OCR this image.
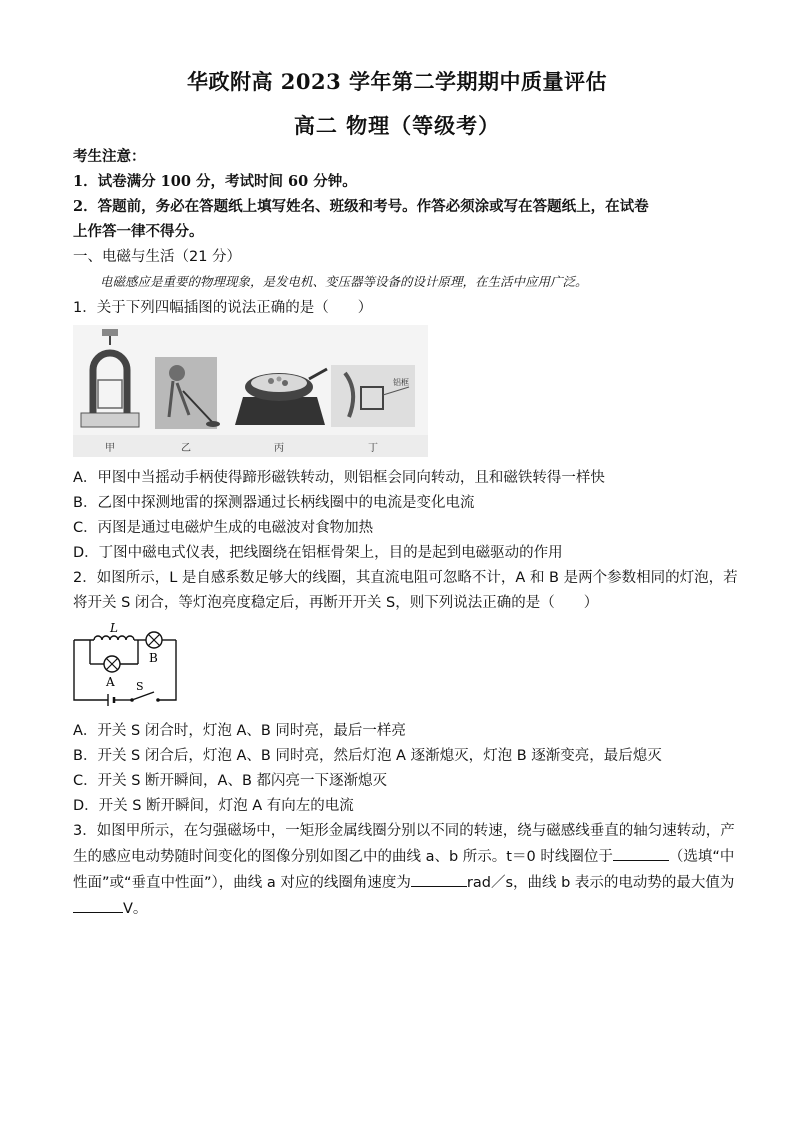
华政附高 2023 学年第二学期期中质量评估
高二 物理（等级考）
考生注意：
1．试卷满分 100 分，考试时间 60 分钟。
2．答题前，务必在答题纸上填写姓名、班级和考号。作答必须涂或写在答题纸上，在试卷
上作答一律不得分。
一、电磁与生活（21 分）
电磁感应是重要的物理现象，是发电机、变压器等设备的设计原理，在生活中应用广泛。
1．关于下列四幅插图的说法正确的是（　　）
铝框
甲	乙	丙	丁
A．甲图中当摇动手柄使得蹄形磁铁转动，则铝框会同向转动，且和磁铁转得一样快
B．乙图中探测地雷的探测器通过长柄线圈中的电流是变化电流
C．丙图是通过电磁炉生成的电磁波对食物加热
D．丁图中磁电式仪表，把线圈绕在铝框骨架上，目的是起到电磁驱动的作用
2．如图所示，L 是自感系数足够大的线圈，其直流电阻可忽略不计，A 和 B 是两个参数相同的灯泡，若
将开关 S 闭合，等灯泡亮度稳定后，再断开开关 S，则下列说法正确的是（　　）
L
B
A S
A．开关 S 闭合时，灯泡 A、B 同时亮，最后一样亮
B．开关 S 闭合后，灯泡 A、B 同时亮，然后灯泡 A 逐渐熄灭，灯泡 B 逐渐变亮，最后熄灭
C．开关 S 断开瞬间，A、B 都闪亮一下逐渐熄灭
D．开关 S 断开瞬间，灯泡 A 有向左的电流
3．如图甲所示，在匀强磁场中，一矩形金属线圈分别以不同的转速，绕与磁感线垂直的轴匀速转动，产
生的感应电动势随时间变化的图像分别如图乙中的曲线 a、b 所示。t＝0 时线圈位于	（选填“中
性面”或“垂直中性面”），曲线 a 对应的线圈角速度为	rad／s，曲线 b 表示的电动势的最大值为
V。
